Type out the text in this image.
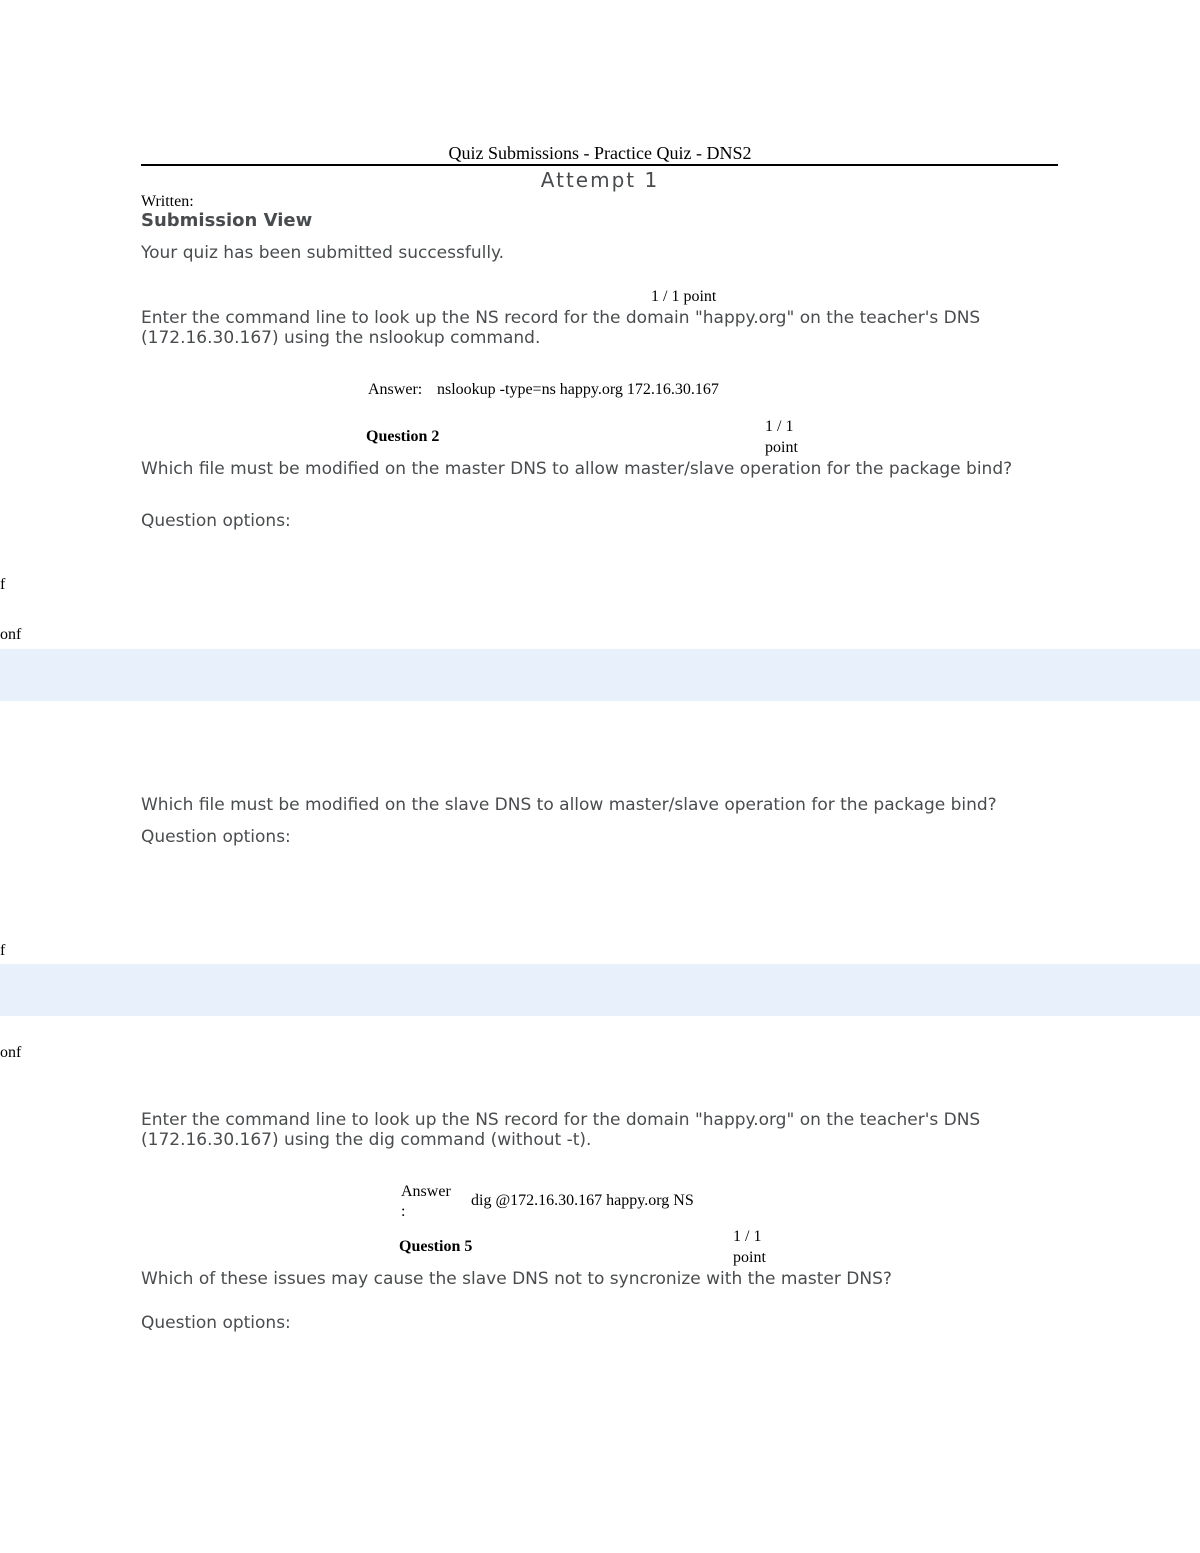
Quiz Submissions - Practice Quiz - DNS2
Attempt 1
Written:
Submission View
Your quiz has been submitted successfully.
1 / 1 point
Enter the command line to look up the NS record for the domain "happy.org" on the teacher's DNS (172.16.30.167) using the nslookup command.
Answer: nslookup -type=ns happy.org 172.16.30.167
Question 2
1 / 1
point
Which file must be modified on the master DNS to allow master/slave operation for the package bind?
Question options:
f
onf
Which file must be modified on the slave DNS to allow master/slave operation for the package bind?
Question options:
f
onf
Enter the command line to look up the NS record for the domain "happy.org" on the teacher's DNS (172.16.30.167) using the dig command (without -t).
Answer
:
dig @172.16.30.167 happy.org NS
Question 5
1 / 1
point
Which of these issues may cause the slave DNS not to syncronize with the master DNS?
Question options:
